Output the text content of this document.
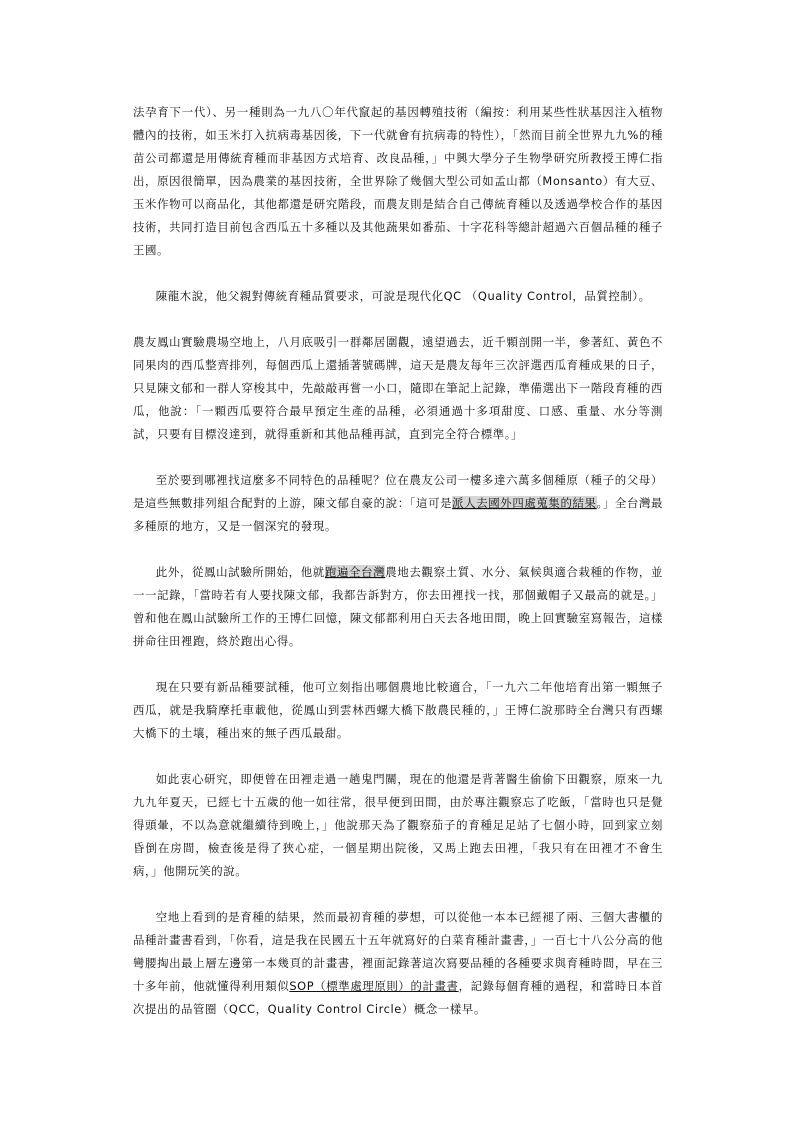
法孕育下一代）、另一種則為一九八〇年代竄起的基因轉殖技術（編按：利用某些性狀基因注入植物體內的技術，如玉米打入抗病毒基因後，下一代就會有抗病毒的特性），「然而目前全世界九九%的種苗公司都還是用傳統育種而非基因方式培育、改良品種，」中興大學分子生物學研究所教授王博仁指出，原因很簡單，因為農業的基因技術，全世界除了幾個大型公司如孟山都（Monsanto）有大豆、玉米作物可以商品化，其他都還是研究階段，而農友則是結合自己傳統育種以及透過學校合作的基因技術，共同打造目前包含西瓜五十多種以及其他蔬果如番茄、十字花科等總計超過六百個品種的種子王國。

陳龍木說，他父親對傳統育種品質要求，可說是現代化QC （Quality Control，品質控制）。

農友鳳山實驗農場空地上，八月底吸引一群鄰居圍觀，遠望過去，近千顆剖開一半，參著紅、黃色不同果肉的西瓜整齊排列，每個西瓜上還插著號碼牌，這天是農友每年三次評選西瓜育種成果的日子，只見陳文郁和一群人穿梭其中，先敲敲再嘗一小口，隨即在筆記上記錄，準備選出下一階段育種的西瓜，他說：「一顆西瓜要符合最早預定生產的品種，必須通過十多項甜度、口感、重量、水分等測試，只要有目標沒達到，就得重新和其他品種再試，直到完全符合標準。」

至於要到哪裡找這麼多不同特色的品種呢？位在農友公司一樓多達六萬多個種原（種子的父母）是這些無數排列組合配對的上游，陳文郁自豪的說：「這可是派人去國外四處蒐集的結果。」全台灣最多種原的地方，又是一個深究的發現。

此外，從鳳山試驗所開始，他就跑遍全台灣農地去觀察土質、水分、氣候與適合栽種的作物，並一一記錄，「當時若有人要找陳文郁，我都告訴對方，你去田裡找一找，那個戴帽子又最高的就是。」曾和他在鳳山試驗所工作的王博仁回憶，陳文郁都利用白天去各地田間，晚上回實驗室寫報告，這樣拼命往田裡跑，終於跑出心得。

現在只要有新品種要試種，他可立刻指出哪個農地比較適合，「一九六二年他培育出第一顆無子西瓜，就是我騎摩托車載他，從鳳山到雲林西螺大橋下散農民種的，」王博仁說那時全台灣只有西螺大橋下的土壤，種出來的無子西瓜最甜。

如此衷心研究，即便曾在田裡走過一趟鬼門關，現在的他還是背著醫生偷偷下田觀察，原來一九九九年夏天，已經七十五歲的他一如往常，很早便到田間，由於專注觀察忘了吃飯，「當時也只是覺得頭暈，不以為意就繼續待到晚上，」他說那天為了觀察茄子的育種足足站了七個小時，回到家立刻昏倒在房間，檢查後是得了狹心症，一個星期出院後，又馬上跑去田裡，「我只有在田裡才不會生病，」他開玩笑的說。

空地上看到的是育種的結果，然而最初育種的夢想，可以從他一本本已經褪了兩、三個大書櫃的品種計畫書看到，「你看，這是我在民國五十五年就寫好的白菜育種計畫書，」一百七十八公分高的他彎腰掏出最上層左邊第一本幾頁的計畫書，裡面記錄著這次寫要品種的各種要求與育種時間，早在三十多年前，他就懂得利用類似SOP（標準處理原則）的計畫書，記錄每個育種的過程，和當時日本首次提出的品管圈（QCC，Quality Control Circle）概念一樣早。
